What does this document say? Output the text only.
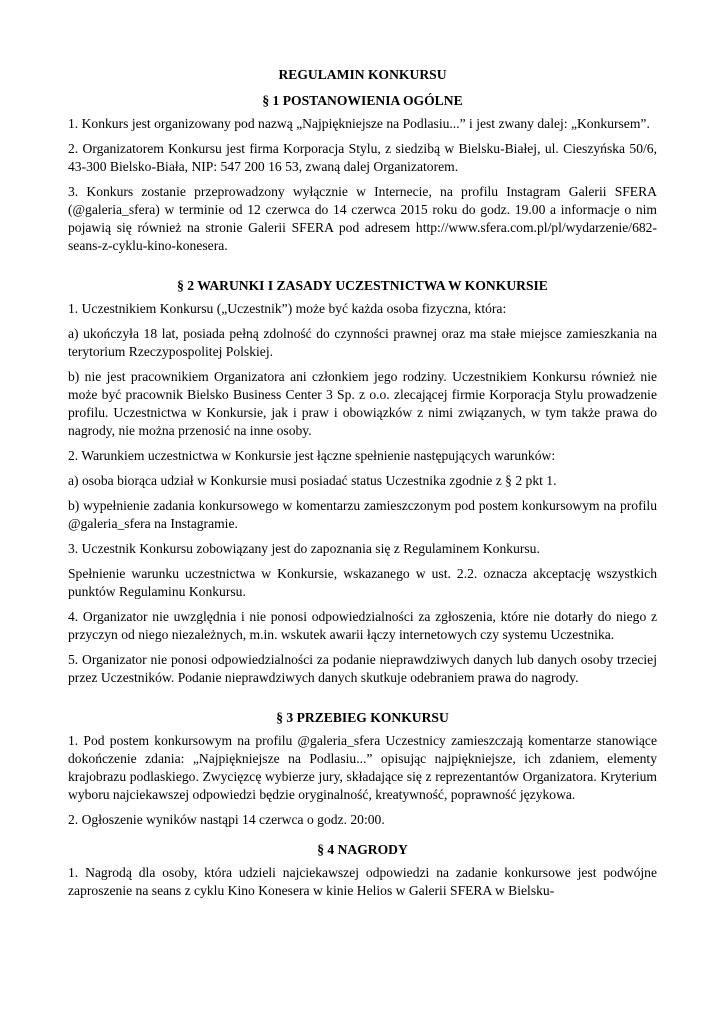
REGULAMIN KONKURSU
§ 1 POSTANOWIENIA OGÓLNE

1. Konkurs jest organizowany pod nazwą „Najpiękniejsze na Podlasiu...” i jest zwany dalej: „Konkursem”.

2. Organizatorem Konkursu jest firma Korporacja Stylu, z siedzibą w Bielsku-Białej, ul. Cieszyńska 50/6, 43-300 Bielsko-Biała, NIP: 547 200 16 53, zwaną dalej Organizatorem.

3. Konkurs zostanie przeprowadzony wyłącznie w Internecie, na profilu Instagram Galerii SFERA (@galeria_sfera) w terminie od 12 czerwca do 14 czerwca 2015 roku do godz. 19.00 a informacje o nim pojawią się również na stronie Galerii SFERA pod adresem http://www.sfera.com.pl/pl/wydarzenie/682-seans-z-cyklu-kino-konesera.

§ 2 WARUNKI I ZASADY UCZESTNICTWA W KONKURSIE

1. Uczestnikiem Konkursu („Uczestnik”) może być każda osoba fizyczna, która:

a) ukończyła 18 lat, posiada pełną zdolność do czynności prawnej oraz ma stałe miejsce zamieszkania na terytorium Rzeczypospolitej Polskiej.

b) nie jest pracownikiem Organizatora ani członkiem jego rodziny. Uczestnikiem Konkursu również nie może być pracownik Bielsko Business Center 3 Sp. z o.o. zlecającej firmie Korporacja Stylu prowadzenie profilu. Uczestnictwa w Konkursie, jak i praw i obowiązków z nimi związanych, w tym także prawa do nagrody, nie można przenosić na inne osoby.

2. Warunkiem uczestnictwa w Konkursie jest łączne spełnienie następujących warunków:

a) osoba biorąca udział w Konkursie musi posiadać status Uczestnika zgodnie z § 2 pkt 1.

b) wypełnienie zadania konkursowego w komentarzu zamieszczonym pod postem konkursowym na profilu @galeria_sfera na Instagramie.

3. Uczestnik Konkursu zobowiązany jest do zapoznania się z Regulaminem Konkursu.

Spełnienie warunku uczestnictwa w Konkursie, wskazanego w ust. 2.2. oznacza akceptację wszystkich punktów Regulaminu Konkursu.

4. Organizator nie uwzględnia i nie ponosi odpowiedzialności za zgłoszenia, które nie dotarły do niego z przyczyn od niego niezależnych, m.in. wskutek awarii łączy internetowych czy systemu Uczestnika.

5. Organizator nie ponosi odpowiedzialności za podanie nieprawdziwych danych lub danych osoby trzeciej przez Uczestników. Podanie nieprawdziwych danych skutkuje odebraniem prawa do nagrody.

§ 3 PRZEBIEG KONKURSU

1. Pod postem konkursowym na profilu @galeria_sfera Uczestnicy zamieszczają komentarze stanowiące dokończenie zdania: „Najpiękniejsze na Podlasiu...” opisując najpiękniejsze, ich zdaniem, elementy krajobrazu podlaskiego. Zwycięzcę wybierze jury, składające się z reprezentantów Organizatora. Kryterium wyboru najciekawszej odpowiedzi będzie oryginalność, kreatywność, poprawność językowa.

2. Ogłoszenie wyników nastąpi 14 czerwca o godz. 20:00.

§ 4 NAGRODY

1. Nagrodą dla osoby, która udzieli najciekawszej odpowiedzi na zadanie konkursowe jest podwójne zaproszenie na seans z cyklu Kino Konesera w kinie Helios w Galerii SFERA w Bielsku-
